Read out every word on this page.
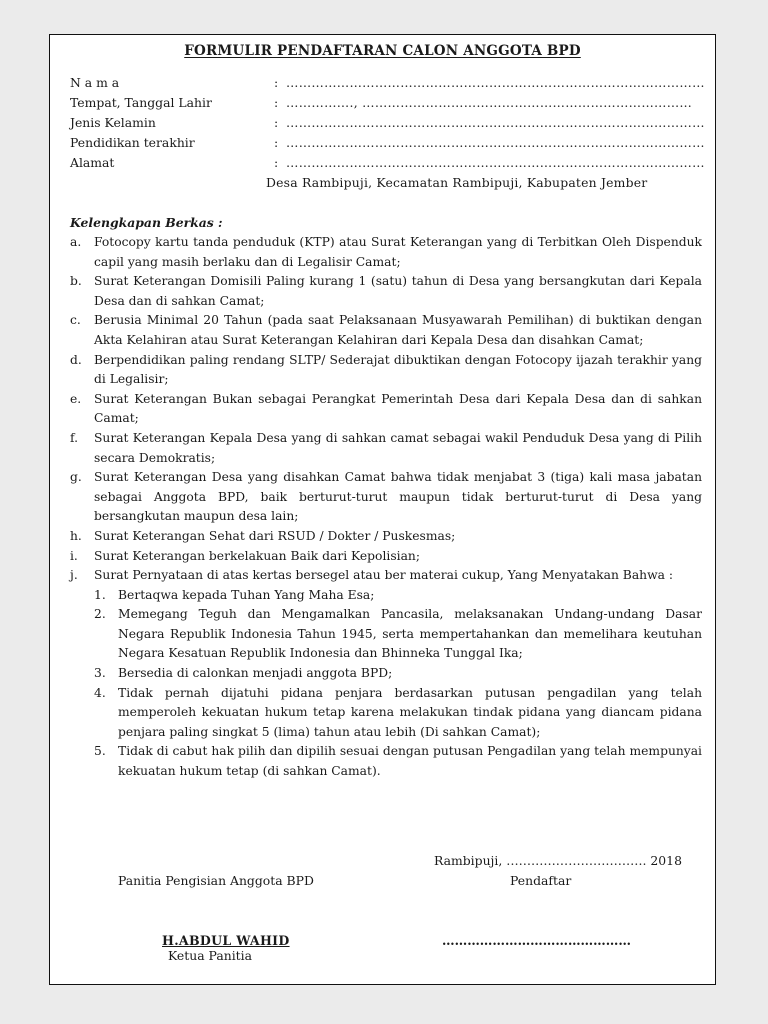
FORMULIR PENDAFTARAN CALON ANGGOTA BPD
N a m a	: ………………………………………………………………………………………
Tempat, Tanggal Lahir	: ……………., ……………………………………………………………………
Jenis Kelamin	: ………………………………………………………………………………………
Pendidikan terakhir	: ………………………………………………………………………………………
Alamat	: ………………………………………………………………………………………
Desa Rambipuji, Kecamatan Rambipuji, Kabupaten Jember
Kelengkapan Berkas :
a. Fotocopy kartu tanda penduduk (KTP) atau Surat Keterangan yang di Terbitkan Oleh Dispenduk capil yang masih berlaku dan di Legalisir Camat;
b. Surat Keterangan Domisili Paling kurang 1 (satu) tahun di Desa yang bersangkutan dari Kepala Desa dan di sahkan Camat;
c. Berusia Minimal 20 Tahun (pada saat Pelaksanaan Musyawarah Pemilihan) di buktikan dengan Akta Kelahiran atau Surat Keterangan Kelahiran dari Kepala Desa dan disahkan Camat;
d. Berpendidikan paling rendang SLTP/ Sederajat dibuktikan dengan Fotocopy ijazah terakhir yang di Legalisir;
e. Surat Keterangan Bukan sebagai Perangkat Pemerintah Desa dari Kepala Desa dan di sahkan Camat;
f. Surat Keterangan Kepala Desa yang di sahkan camat sebagai wakil Penduduk Desa yang di Pilih secara Demokratis;
g. Surat Keterangan Desa yang disahkan Camat bahwa tidak menjabat 3 (tiga) kali masa jabatan sebagai Anggota BPD, baik berturut-turut maupun tidak berturut-turut di Desa yang bersangkutan maupun desa lain;
h. Surat Keterangan Sehat dari RSUD / Dokter / Puskesmas;
i. Surat Keterangan berkelakuan Baik dari Kepolisian;
j. Surat Pernyataan di atas kertas bersegel atau ber materai cukup, Yang Menyatakan Bahwa :
1. Bertaqwa kepada Tuhan Yang Maha Esa;
2. Memegang Teguh dan Mengamalkan Pancasila, melaksanakan Undang-undang Dasar Negara Republik Indonesia Tahun 1945, serta mempertahankan dan memelihara keutuhan Negara Kesatuan Republik Indonesia dan Bhinneka Tunggal Ika;
3. Bersedia di calonkan menjadi anggota BPD;
4. Tidak pernah dijatuhi pidana penjara berdasarkan putusan pengadilan yang telah memperoleh kekuatan hukum tetap karena melakukan tindak pidana yang diancam pidana penjara paling singkat 5 (lima) tahun atau lebih (Di sahkan Camat);
5. Tidak di cabut hak pilih dan dipilih sesuai dengan putusan Pengadilan yang telah mempunyai kekuatan hukum tetap (di sahkan Camat).
Rambipuji, ……………………………. 2018
Panitia Pengisian Anggota BPD	Pendaftar
H.ABDUL WAHID
Ketua Panitia
………………………………………
